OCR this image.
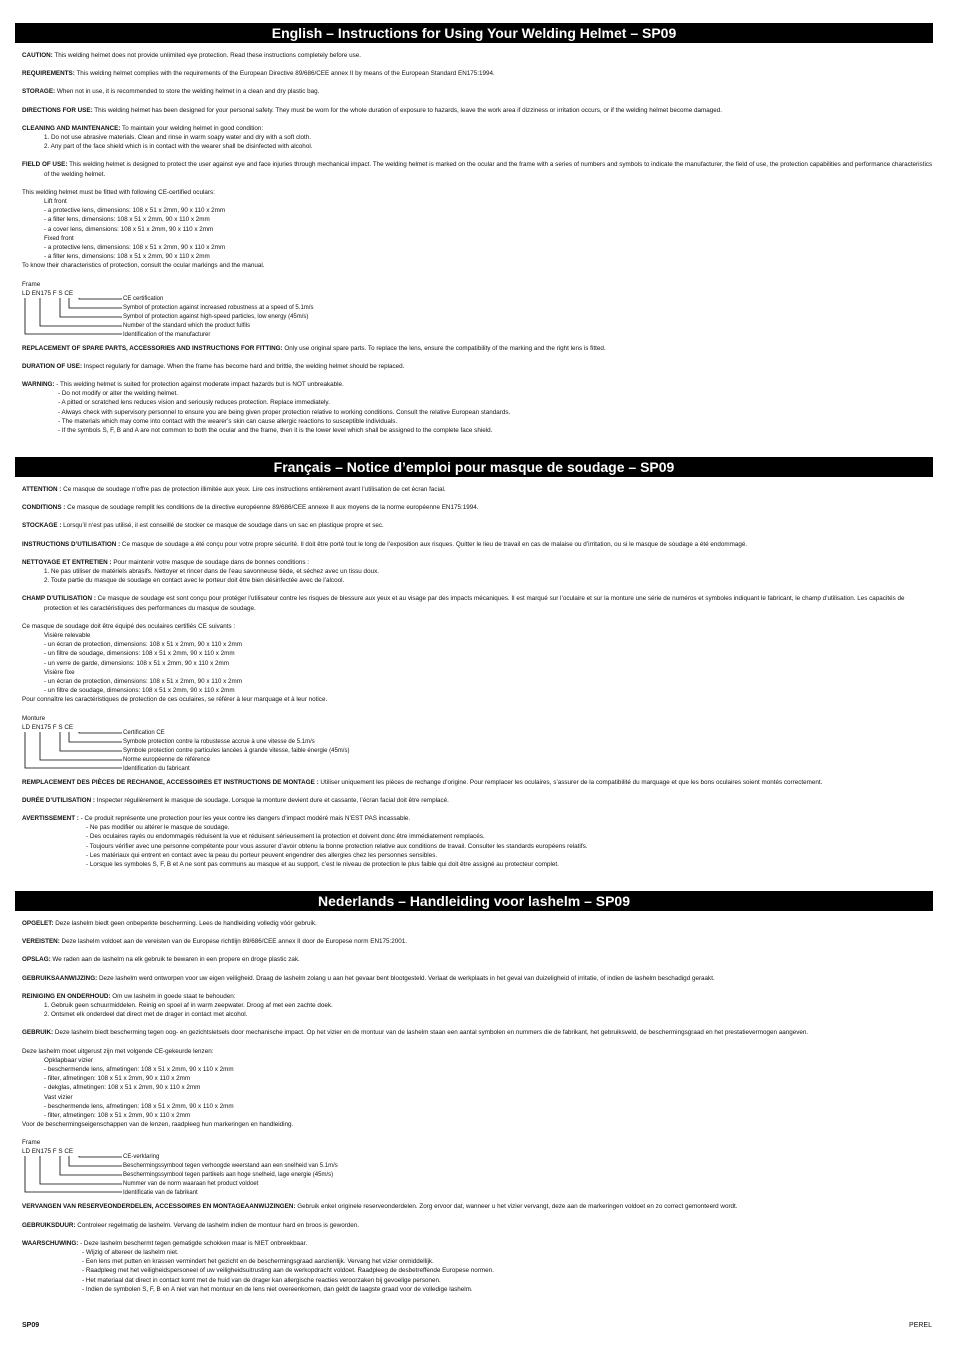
English – Instructions for Using Your Welding Helmet – SP09

CAUTION: This welding helmet does not provide unlimited eye protection. Read these instructions completely before use.

REQUIREMENTS: This welding helmet complies with the requirements of the European Directive 89/686/CEE annex II by means of the European Standard EN175:1994.

STORAGE: When not in use, it is recommended to store the welding helmet in a clean and dry plastic bag.

DIRECTIONS FOR USE: This welding helmet has been designed for your personal safety. They must be worn for the whole duration of exposure to hazards, leave the work area if dizziness or irritation occurs, or if the welding helmet become damaged.

CLEANING AND MAINTENANCE: To maintain your welding helmet in good condition:

1. Do not use abrasive materials. Clean and rinse in warm soapy water and dry with a soft cloth.
2. Any part of the face shield which is in contact with the wearer shall be disinfected with alcohol.

FIELD OF USE: This welding helmet is designed to protect the user against eye and face injuries through mechanical impact. The welding helmet is marked on the ocular and the frame with a series of numbers and symbols to indicate the manufacturer, the field of use, the protection capabilities and performance characteristics of the welding helmet.

This welding helmet must be fitted with following CE-certified oculars:
Lift front
- a protective lens, dimensions: 108 x 51 x 2mm, 90 x 110 x 2mm
- a filter lens, dimensions: 108 x 51 x 2mm, 90 x 110 x 2mm
- a cover lens, dimensions: 108 x 51 x 2mm, 90 x 110 x 2mm
Fixed front
- a protective lens, dimensions: 108 x 51 x 2mm, 90 x 110 x 2mm
- a filter lens, dimensions: 108 x 51 x 2mm, 90 x 110 x 2mm
To know their characteristics of protection, consult the ocular markings and the manual.
Frame
LD EN175 F S CE
CE certification
Symbol of protection against increased robustness at a speed of 5.1m/s
Symbol of protection against high-speed particles, low energy (45m/s)
Number of the standard which the product fulfils
Identification of the manufacturer

REPLACEMENT OF SPARE PARTS, ACCESSORIES AND INSTRUCTIONS FOR FITTING: Only use original spare parts. To replace the lens, ensure the compatibility of the marking and the right lens is fitted.

DURATION OF USE: Inspect regularly for damage. When the frame has become hard and brittle, the welding helmet should be replaced.

WARNING: - This welding helmet is suited for protection against moderate impact hazards but is NOT unbreakable.
- Do not modify or alter the welding helmet.
- A pitted or scratched lens reduces vision and seriously reduces protection. Replace immediately.
- Always check with supervisory personnel to ensure you are being given proper protection relative to working conditions. Consult the relative European standards.
- The materials which may come into contact with the wearer’s skin can cause allergic reactions to susceptible individuals.
- If the symbols S, F, B and A are not common to both the ocular and the frame, then it is the lower level which shall be assigned to the complete face shield.
Français – Notice d’emploi pour masque de soudage – SP09

ATTENTION : Ce masque de soudage n’offre pas de protection illimitée aux yeux. Lire ces instructions entièrement avant l’utilisation de cet écran facial.

CONDITIONS : Ce masque de soudage remplit les conditions de la directive européenne 89/686/CEE annexe II aux moyens de la norme européenne EN175:1994.

STOCKAGE : Lorsqu’il n’est pas utilisé, il est conseillé de stocker ce masque de soudage dans un sac en plastique propre et sec.

INSTRUCTIONS D’UTILISATION : Ce masque de soudage a été conçu pour votre propre sécurité. Il doit être porté tout le long de l’exposition aux risques. Quitter le lieu de travail en cas de malaise ou d’irritation, ou si le masque de soudage a été endommagé.

NETTOYAGE ET ENTRETIEN : Pour maintenir votre masque de soudage dans de bonnes conditions :

1. Ne pas utiliser de matériels abrasifs. Nettoyer et rincer dans de l’eau savonneuse tiède, et séchez avec un tissu doux.
2. Toute partie du masque de soudage en contact avec le porteur doit être bien désinfectée avec de l’alcool.

CHAMP D’UTILISATION : Ce masque de soudage est sont conçu pour protéger l’utilisateur contre les risques de blessure aux yeux et au visage par des impacts mécaniques. Il est marqué sur l’oculaire et sur la monture une série de numéros et symboles indiquant le fabricant, le champ d’utilisation. Les capacités de protection et les caractéristiques des performances du masque de soudage.

Ce masque de soudage doit être équipé des oculaires certifiés CE suivants :
Visière relevable
- un écran de protection, dimensions: 108 x 51 x 2mm, 90 x 110 x 2mm
- un filtre de soudage, dimensions: 108 x 51 x 2mm, 90 x 110 x 2mm
- un verre de garde, dimensions: 108 x 51 x 2mm, 90 x 110 x 2mm
Visière fixe
- un écran de protection, dimensions: 108 x 51 x 2mm, 90 x 110 x 2mm
- un filtre de soudage, dimensions: 108 x 51 x 2mm, 90 x 110 x 2mm
Pour connaître les caractéristiques de protection de ces oculaires, se référer à leur marquage et à leur notice.
Monture
LD EN175 F S CE
Certification CE
Symbole protection contre la robustesse accrue à une vitesse de 5.1m/s
Symbole protection contre particules lancées à grande vitesse, faible énergie (45m/s)
Norme européenne de référence
Identification du fabricant

REMPLACEMENT DES PIÈCES DE RECHANGE, ACCESSOIRES ET INSTRUCTIONS DE MONTAGE : Utiliser uniquement les pièces de rechange d’origine. Pour remplacer les oculaires, s’assurer de la compatibilité du marquage et que les bons oculaires soient montés correctement.

DURÉE D’UTILISATION : Inspecter régulièrement le masque de soudage. Lorsque la monture devient dure et cassante, l’écran facial doit être remplacé.

AVERTISSEMENT : - Ce produit représente une protection pour les yeux contre les dangers d’impact modéré mais N’EST PAS incassable.
- Ne pas modifier ou altérer le masque de soudage.
- Des oculaires rayés ou endommagés réduisent la vue et réduisent sérieusement la protection et doivent donc être immédiatement remplacés.
- Toujours vérifier avec une personne compétente pour vous assurer d’avoir obtenu la bonne protection relative aux conditions de travail. Consulter les standards européens relatifs.
- Les matériaux qui entrent en contact avec la peau du porteur peuvent engendrer des allergies chez les personnes sensibles.
- Lorsque les symboles S, F, B et A ne sont pas communs au masque et au support, c’est le niveau de protection le plus faible qui doit être assigné au protecteur complet.
Nederlands – Handleiding voor lashelm – SP09

OPGELET: Deze lashelm biedt geen onbeperkte bescherming. Lees de handleiding volledig vóór gebruik.

VEREISTEN: Deze lashelm voldoet aan de vereisten van de Europese richtlijn 89/686/CEE annex II door de Europese norm EN175:2001.

OPSLAG: We raden aan de lashelm na elk gebruik te bewaren in een propere en droge plastic zak.

GEBRUIKSAANWIJZING: Deze lashelm werd ontworpen voor uw eigen veiligheid. Draag de lashelm zolang u aan het gevaar bent blootgesteld. Verlaat de werkplaats in het geval van duizeligheid of irritatie, of indien de lashelm beschadigd geraakt.

REINIGING EN ONDERHOUD: Om uw lashelm in goede staat te behouden:

1. Gebruik geen schuurmiddelen. Reinig en spoel af in warm zeepwater. Droog af met een zachte doek.
2. Ontsmet elk onderdeel dat direct met de drager in contact met alcohol.

GEBRUIK: Deze lashelm biedt bescherming tegen oog- en gezichtsletsels door mechanische impact. Op het vizier en de montuur van de lashelm staan een aantal symbolen en nummers die de fabrikant, het gebruiksveld, de beschermingsgraad en het prestatievermogen aangeven.

Deze lashelm moet uitgerust zijn met volgende CE-gekeurde lenzen:
Opklapbaar vizier
- beschermende lens, afmetingen: 108 x 51 x 2mm, 90 x 110 x 2mm
- filter, afmetingen: 108 x 51 x 2mm, 90 x 110 x 2mm
- dekglas, afmetingen: 108 x 51 x 2mm, 90 x 110 x 2mm
Vast vizier
- beschermende lens, afmetingen: 108 x 51 x 2mm, 90 x 110 x 2mm
- filter, afmetingen: 108 x 51 x 2mm, 90 x 110 x 2mm
Voor de beschermingseigenschappen van de lenzen, raadpleeg hun markeringen en handleiding.
Frame
LD EN175 F S CE
CE-verklaring
Beschermingssymbool tegen verhoogde weerstand aan een snelheid van 5.1m/s
Beschermingssymbool tegen partikels aan hoge snelheid, lage energie (45m/s)
Nummer van de norm waaraan het product voldoet
Identificatie van de fabrikant

VERVANGEN VAN RESERVEONDERDELEN, ACCESSOIRES EN MONTAGEAANWIJZINGEN: Gebruik enkel originele reserveonderdelen. Zorg ervoor dat, wanneer u het vizier vervangt, deze aan de markeringen voldoet en zo correct gemonteerd wordt.

GEBRUIKSDUUR: Controleer regelmatig de lashelm. Vervang de lashelm indien de montuur hard en broos is geworden.

WAARSCHUWING: - Deze lashelm beschermt tegen gematigde schokken maar is NIET onbreekbaar.
- Wijzig of altereer de lashelm niet.
- Een lens met putten en krassen vermindert het gezicht en de beschermingsgraad aanzienlijk. Vervang het vizier onmiddellijk.
- Raadpleeg met het veiligheidspersoneel of uw veiligheidsuitrusting aan de werkopdracht voldoet. Raadpleeg de desbetreffende Europese normen.
- Het materiaal dat direct in contact komt met de huid van de drager kan allergische reacties veroorzaken bij gevoelige personen.
- Indien de symbolen S, F, B en A niet van het montuur en de lens niet overeenkomen, dan geldt de laagste graad voor de volledige lashelm.
SP09	PEREL
